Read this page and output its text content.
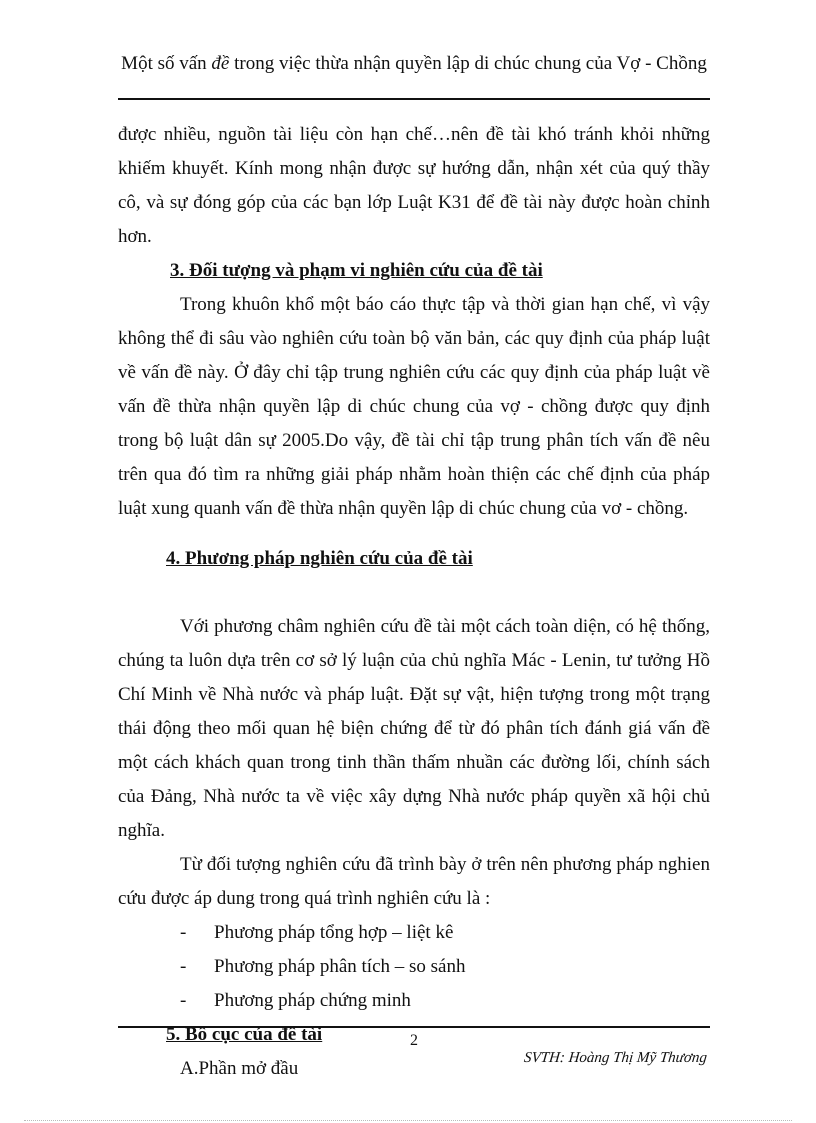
Một số vấn đề trong việc thừa nhận quyền lập di chúc chung của Vợ - Chồng

được nhiều, nguồn tài liệu còn hạn chế…nên đề tài khó tránh khỏi những khiếm khuyết. Kính mong nhận được sự hướng dẫn, nhận xét của quý thầy cô, và sự đóng góp của các bạn lớp Luật K31 để đề tài này được hoàn chỉnh hơn.

3. Đối tượng và phạm vi nghiên cứu của đề tài

Trong khuôn khổ một báo cáo thực tập và thời gian hạn chế, vì vậy không thể đi sâu vào nghiên cứu toàn bộ văn bản, các quy định của pháp luật về vấn đề này. Ở đây chỉ tập trung nghiên cứu các quy định của pháp luật về vấn đề thừa nhận quyền lập di chúc chung của vợ - chồng được quy định trong bộ luật dân sự 2005.Do vậy, đề tài chỉ tập trung phân tích vấn đề nêu trên qua đó tìm ra những giải pháp nhằm hoàn thiện các chế định của pháp luật xung quanh vấn đề thừa nhận quyền lập di chúc chung của vơ - chồng.

4. Phương pháp nghiên cứu của đề tài

Với phương châm nghiên cứu đề tài một cách toàn diện, có hệ thống, chúng ta luôn dựa trên cơ sở lý luận của chủ nghĩa Mác - Lenin, tư tưởng Hồ Chí Minh về Nhà nước và pháp luật. Đặt sự vật, hiện tượng trong một trạng thái động theo mối quan hệ biện chứng để từ đó phân tích đánh giá vấn đề một cách khách quan trong tinh thần thấm nhuần các đường lối, chính sách của Đảng, Nhà nước ta về việc xây dựng Nhà nước pháp quyền xã hội chủ nghĩa.

Từ đối tượng nghiên cứu đã trình bày ở trên nên phương pháp nghien cứu được áp dung trong quá trình nghiên cứu là :

- Phương pháp tổng hợp – liệt kê
- Phương pháp phân tích – so sánh
- Phương pháp chứng minh

5. Bố cục của đề tài

A.Phần mở đầu

2
SVTH: Hoàng Thị Mỹ Thương
